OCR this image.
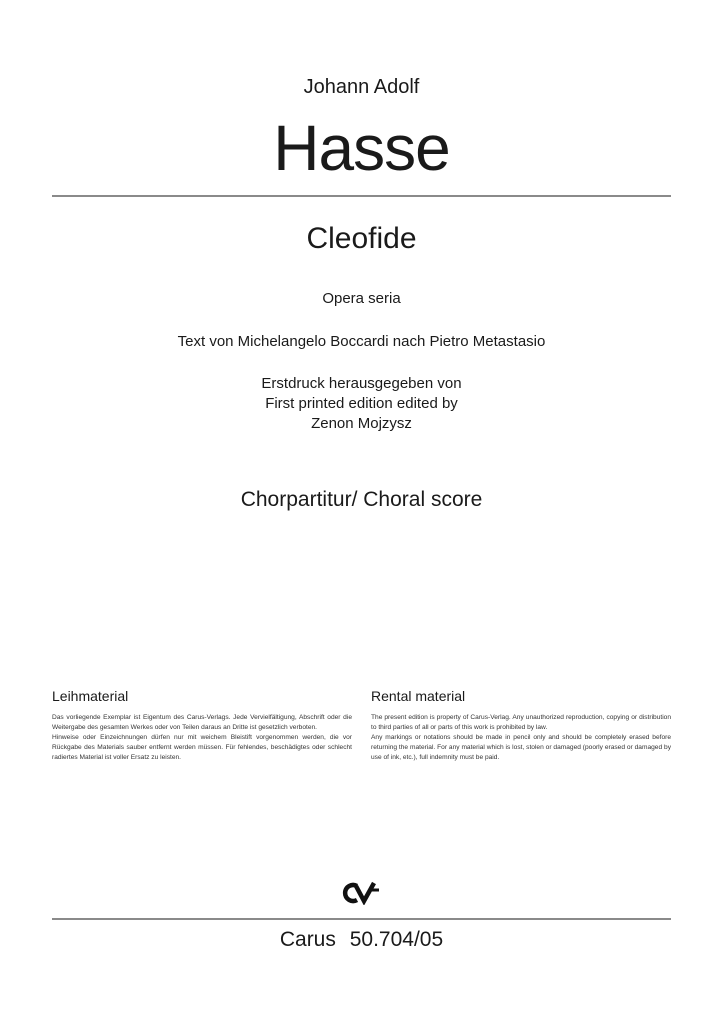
Johann Adolf
Hasse
Cleofide
Opera seria
Text von Michelangelo Boccardi nach Pietro Metastasio
Erstdruck herausgegeben von
First printed edition edited by
Zenon Mojzysz
Chorpartitur/ Choral score
Leihmaterial

Das vorliegende Exemplar ist Eigentum des Carus-Verlags. Jede Vervielfältigung, Abschrift oder die Weitergabe des gesamten Werkes oder von Teilen daraus an Dritte ist gesetzlich verboten.

Hinweise oder Einzeichnungen dürfen nur mit weichem Bleistift vorgenommen werden, die vor Rückgabe des Materials sauber entfernt werden müssen. Für fehlendes, beschädigtes oder schlecht radiertes Material ist voller Ersatz zu leisten.

Rental material

The present edition is property of Carus-Verlag. Any unauthorized reproduction, copying or distribution to third parties of all or parts of this work is prohibited by law.

Any markings or notations should be made in pencil only and should be completely erased before returning the material. For any material which is lost, stolen or damaged (poorly erased or damaged by use of ink, etc.), full indemnity must be paid.

Carus 50.704/05
